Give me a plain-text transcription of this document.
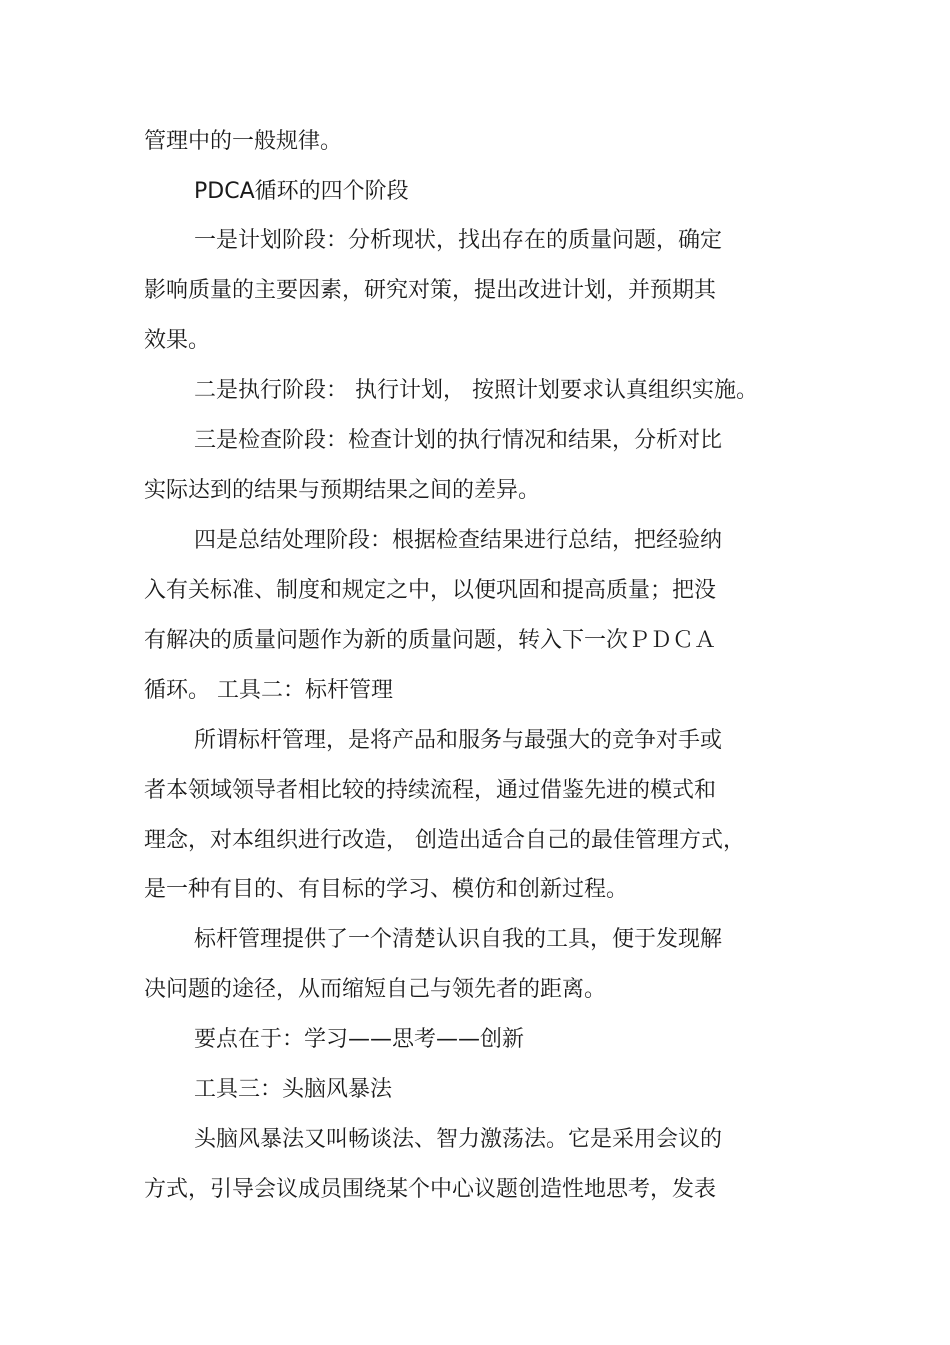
管理中的一般规律。
PDCA循环的四个阶段
一是计划阶段：分析现状，找出存在的质量问题，确定
影响质量的主要因素，研究对策，提出改进计划，并预期其
效果。
二是执行阶段： 执行计划， 按照计划要求认真组织实施。
三是检查阶段：检查计划的执行情况和结果，分析对比
实际达到的结果与预期结果之间的差异。
四是总结处理阶段：根据检查结果进行总结，把经验纳
入有关标准、制度和规定之中，以便巩固和提高质量；把没
有解决的质量问题作为新的质量问题，转入下一次ＰＤＣＡ
循环。 工具二：标杆管理
所谓标杆管理，是将产品和服务与最强大的竞争对手或
者本领域领导者相比较的持续流程，通过借鉴先进的模式和
理念，对本组织进行改造， 创造出适合自己的最佳管理方式，
是一种有目的、有目标的学习、模仿和创新过程。
标杆管理提供了一个清楚认识自我的工具，便于发现解
决问题的途径，从而缩短自己与领先者的距离。
要点在于：学习——思考——创新
工具三：头脑风暴法
头脑风暴法又叫畅谈法、智力激荡法。它是采用会议的
方式，引导会议成员围绕某个中心议题创造性地思考，发表
